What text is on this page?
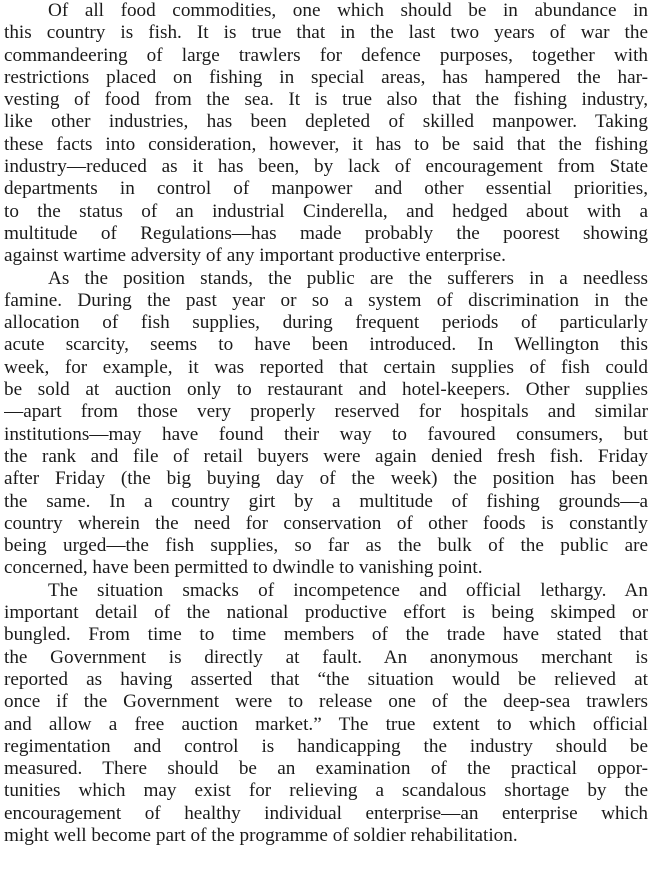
Of all food commodities, one which should be in abundance in
this country is fish. It is true that in the last two years of war the
commandeering of large trawlers for defence purposes, together with
restrictions placed on fishing in special areas, has hampered the har-
vesting of food from the sea. It is true also that the fishing industry,
like other industries, has been depleted of skilled manpower. Taking
these facts into consideration, however, it has to be said that the fishing
industry—reduced as it has been, by lack of encouragement from State
departments in control of manpower and other essential priorities,
to the status of an industrial Cinderella, and hedged about with a
multitude of Regulations—has made probably the poorest showing
against wartime adversity of any important productive enterprise.
As the position stands, the public are the sufferers in a needless
famine. During the past year or so a system of discrimination in the
allocation of fish supplies, during frequent periods of particularly
acute scarcity, seems to have been introduced. In Wellington this
week, for example, it was reported that certain supplies of fish could
be sold at auction only to restaurant and hotel-keepers. Other supplies
—apart from those very properly reserved for hospitals and similar
institutions—may have found their way to favoured consumers, but
the rank and file of retail buyers were again denied fresh fish. Friday
after Friday (the big buying day of the week) the position has been
the same. In a country girt by a multitude of fishing grounds—a
country wherein the need for conservation of other foods is constantly
being urged—the fish supplies, so far as the bulk of the public are
concerned, have been permitted to dwindle to vanishing point.
The situation smacks of incompetence and official lethargy. An
important detail of the national productive effort is being skimped or
bungled. From time to time members of the trade have stated that
the Government is directly at fault. An anonymous merchant is
reported as having asserted that “the situation would be relieved at
once if the Government were to release one of the deep-sea trawlers
and allow a free auction market.” The true extent to which official
regimentation and control is handicapping the industry should be
measured. There should be an examination of the practical oppor-
tunities which may exist for relieving a scandalous shortage by the
encouragement of healthy individual enterprise—an enterprise which
might well become part of the programme of soldier rehabilitation.
